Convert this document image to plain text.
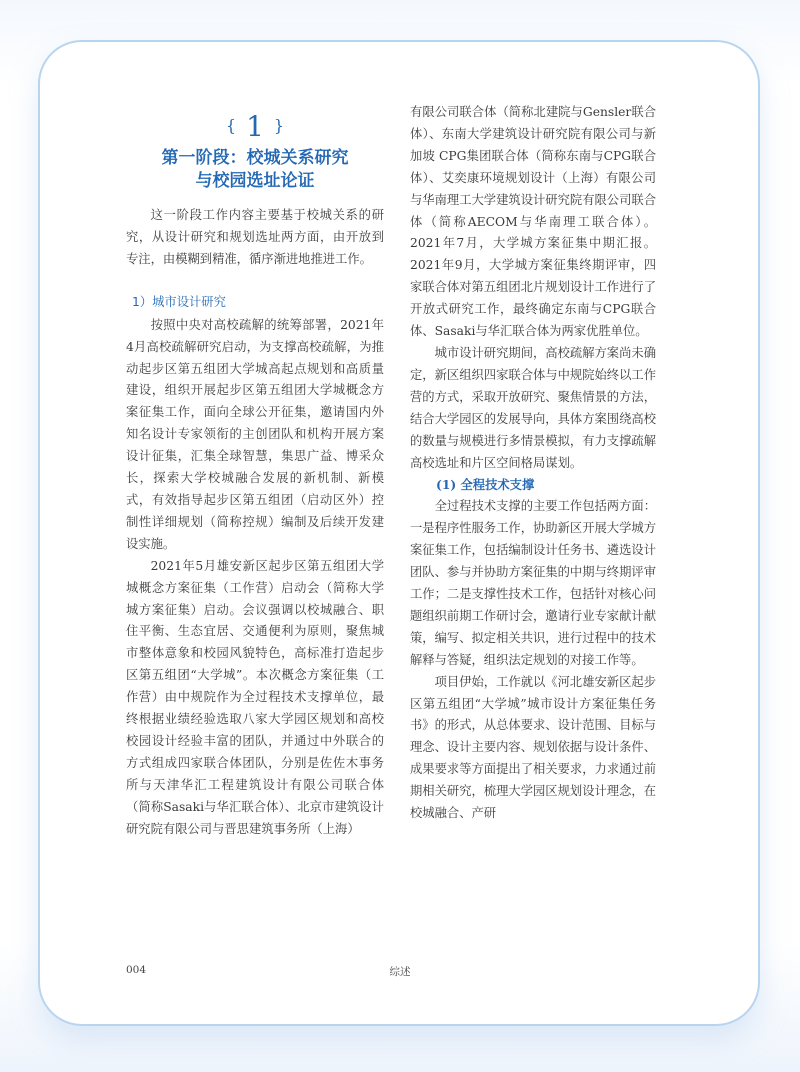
{ 1 }
第一阶段：校城关系研究
与校园选址论证

这一阶段工作内容主要基于校城关系的研究，从设计研究和规划选址两方面，由开放到专注，由模糊到精准，循序渐进地推进工作。

1）城市设计研究

按照中央对高校疏解的统筹部署，2021年4月高校疏解研究启动，为支撑高校疏解，为推动起步区第五组团大学城高起点规划和高质量建设，组织开展起步区第五组团大学城概念方案征集工作，面向全球公开征集，邀请国内外知名设计专家领衔的主创团队和机构开展方案设计征集，汇集全球智慧，集思广益、博采众长，探索大学校城融合发展的新机制、新模式，有效指导起步区第五组团（启动区外）控制性详细规划（简称控规）编制及后续开发建设实施。

2021年5月雄安新区起步区第五组团大学城概念方案征集（工作营）启动会（简称大学城方案征集）启动。会议强调以校城融合、职住平衡、生态宜居、交通便利为原则，聚焦城市整体意象和校园风貌特色，高标准打造起步区第五组团“大学城”。本次概念方案征集（工作营）由中规院作为全过程技术支撑单位，最终根据业绩经验选取八家大学园区规划和高校校园设计经验丰富的团队，并通过中外联合的方式组成四家联合体团队，分别是佐佐木事务所与天津华汇工程建筑设计有限公司联合体（简称Sasaki与华汇联合体）、北京市建筑设计研究院有限公司与晋思建筑事务所（上海）

有限公司联合体（简称北建院与Gensler联合体）、东南大学建筑设计研究院有限公司与新加坡 CPG集团联合体（简称东南与CPG联合体）、艾奕康环境规划设计（上海）有限公司与华南理工大学建筑设计研究院有限公司联合体（简称AECOM与华南理工联合体）。2021年7月，大学城方案征集中期汇报。2021年9月，大学城方案征集终期评审，四家联合体对第五组团北片规划设计工作进行了开放式研究工作，最终确定东南与CPG联合体、Sasaki与华汇联合体为两家优胜单位。

城市设计研究期间，高校疏解方案尚未确定，新区组织四家联合体与中规院始终以工作营的方式，采取开放研究、聚焦情景的方法，结合大学园区的发展导向，具体方案围绕高校的数量与规模进行多情景模拟，有力支撑疏解高校选址和片区空间格局谋划。

(1) 全程技术支撑

全过程技术支撑的主要工作包括两方面：一是程序性服务工作，协助新区开展大学城方案征集工作，包括编制设计任务书、遴选设计团队、参与并协助方案征集的中期与终期评审工作；二是支撑性技术工作，包括针对核心问题组织前期工作研讨会，邀请行业专家献计献策，编写、拟定相关共识，进行过程中的技术解释与答疑，组织法定规划的对接工作等。

项目伊始，工作就以《河北雄安新区起步区第五组团“大学城”城市设计方案征集任务书》的形式，从总体要求、设计范围、目标与理念、设计主要内容、规划依据与设计条件、成果要求等方面提出了相关要求，力求通过前期相关研究，梳理大学园区规划设计理念，在校城融合、产研

004	综述
